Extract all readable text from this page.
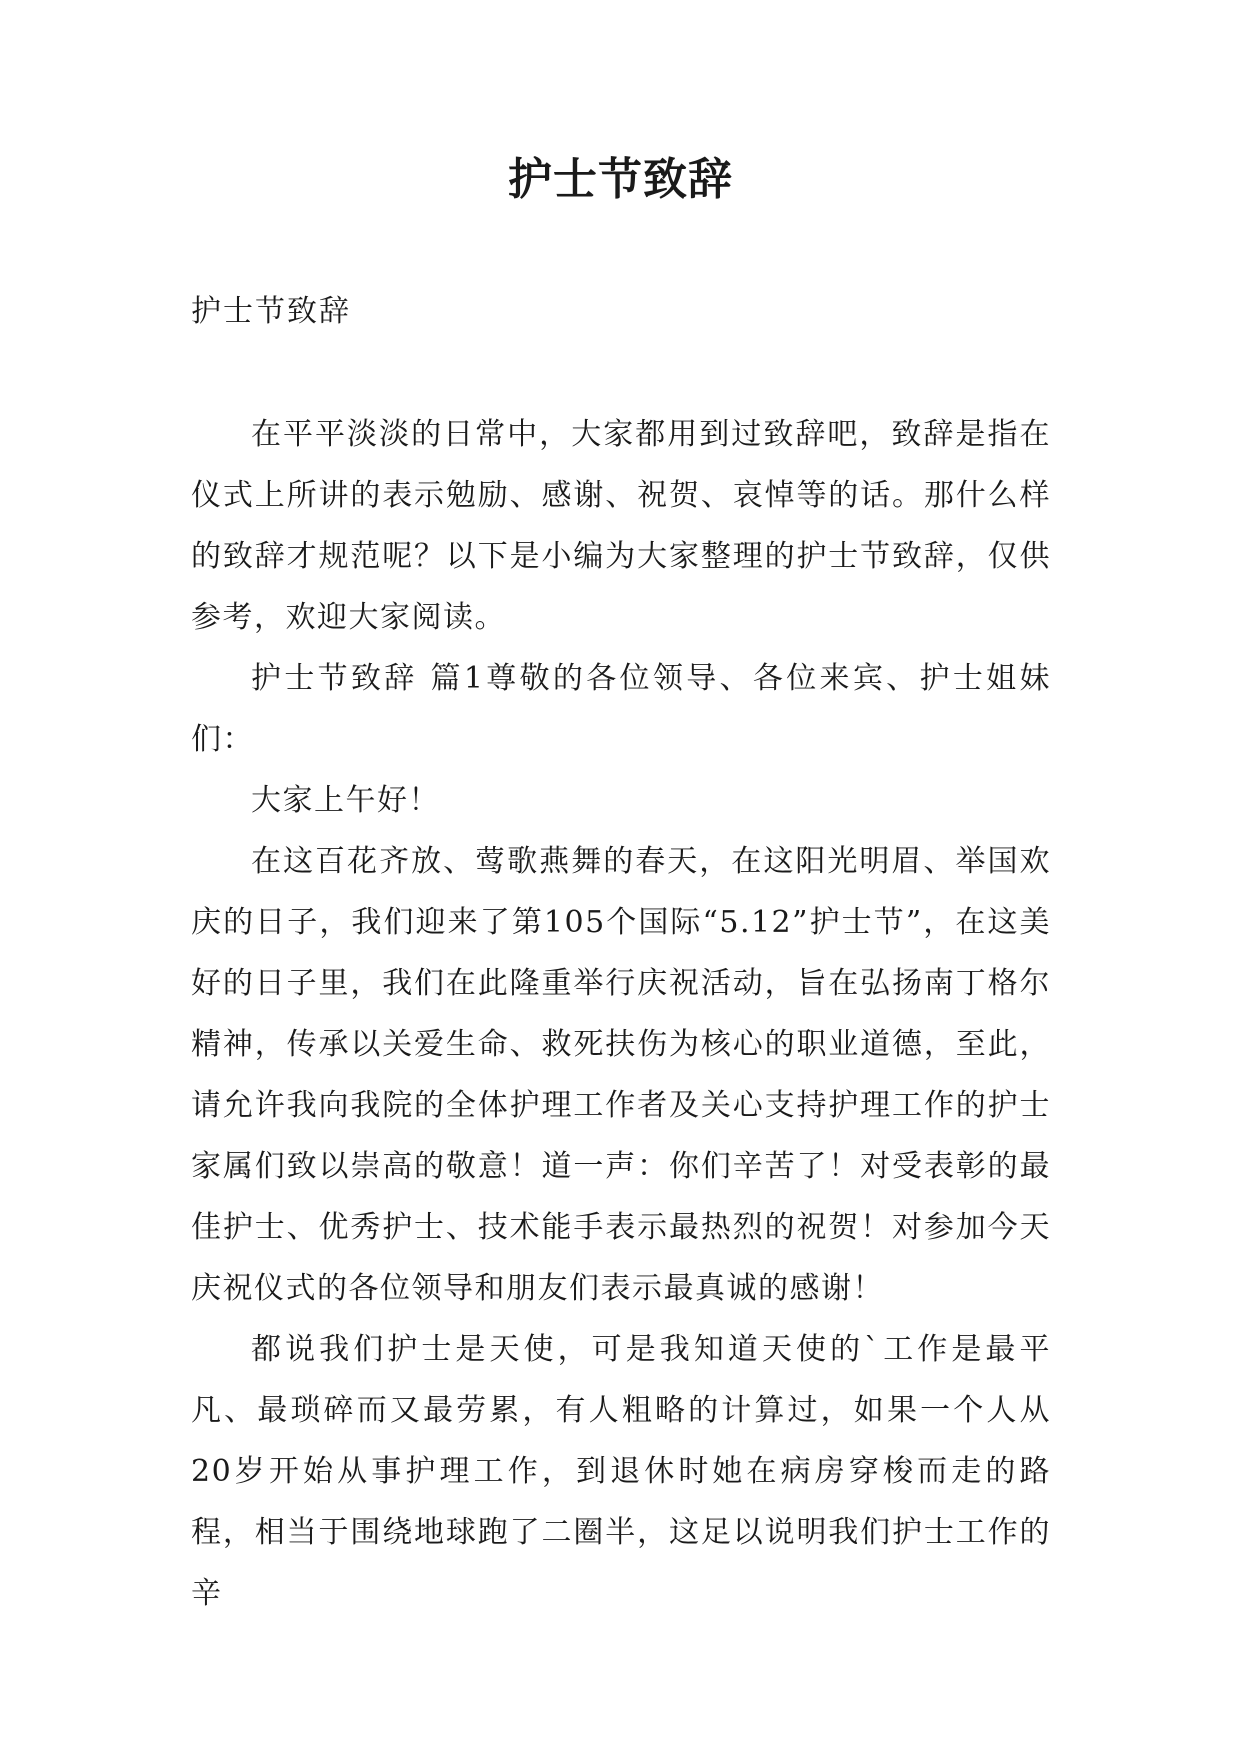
护士节致辞
护士节致辞

在平平淡淡的日常中，大家都用到过致辞吧，致辞是指在仪式上所讲的表示勉励、感谢、祝贺、哀悼等的话。那什么样的致辞才规范呢？以下是小编为大家整理的护士节致辞，仅供参考，欢迎大家阅读。

护士节致辞 篇1尊敬的各位领导、各位来宾、护士姐妹们：

大家上午好！

在这百花齐放、莺歌燕舞的春天，在这阳光明眉、举国欢庆的日子，我们迎来了第105个国际“5.12”护士节”，在这美好的日子里，我们在此隆重举行庆祝活动，旨在弘扬南丁格尔精神，传承以关爱生命、救死扶伤为核心的职业道德，至此，请允许我向我院的全体护理工作者及关心支持护理工作的护士家属们致以崇高的敬意！道一声：你们辛苦了！对受表彰的最佳护士、优秀护士、技术能手表示最热烈的祝贺！对参加今天庆祝仪式的各位领导和朋友们表示最真诚的感谢！

都说我们护士是天使，可是我知道天使的`工作是最平凡、最琐碎而又最劳累，有人粗略的计算过，如果一个人从20岁开始从事护理工作，到退休时她在病房穿梭而走的路程，相当于围绕地球跑了二圈半，这足以说明我们护士工作的辛
